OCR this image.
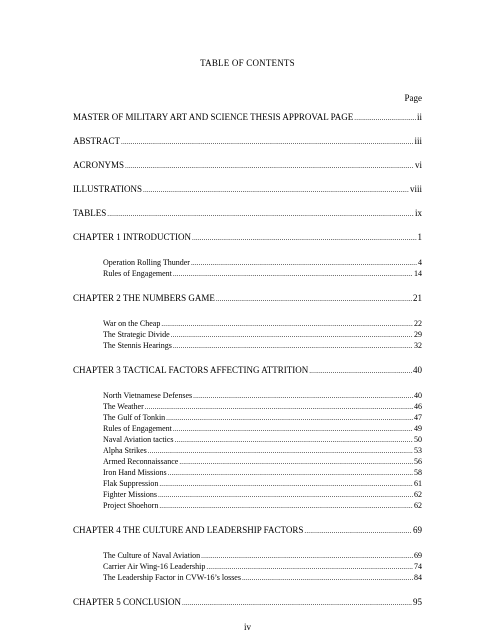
TABLE OF CONTENTS
Page
MASTER OF MILITARY ART AND SCIENCE THESIS APPROVAL PAGE .....	ii
ABSTRACT .....	iii
ACRONYMS .....	vi
ILLUSTRATIONS .....	viii
TABLES .....	ix
CHAPTER 1 INTRODUCTION .....	1
Operation Rolling Thunder .....	4
Rules of Engagement .....	14
CHAPTER 2 THE NUMBERS GAME .....	21
War on the Cheap .....	22
The Strategic Divide .....	29
The Stennis Hearings .....	32
CHAPTER 3 TACTICAL FACTORS AFFECTING ATTRITION .....	40
North Vietnamese Defenses .....	40
The Weather .....	46
The Gulf of Tonkin .....	47
Rules of Engagement .....	49
Naval Aviation tactics .....	50
Alpha Strikes .....	53
Armed Reconnaissance .....	56
Iron Hand Missions .....	58
Flak Suppression .....	61
Fighter Missions .....	62
Project Shoehorn .....	62
CHAPTER 4 THE CULTURE AND LEADERSHIP FACTORS .....	69
The Culture of Naval Aviation .....	69
Carrier Air Wing-16 Leadership .....	74
The Leadership Factor in CVW-16’s losses .....	84
CHAPTER 5 CONCLUSION .....	95
iv
